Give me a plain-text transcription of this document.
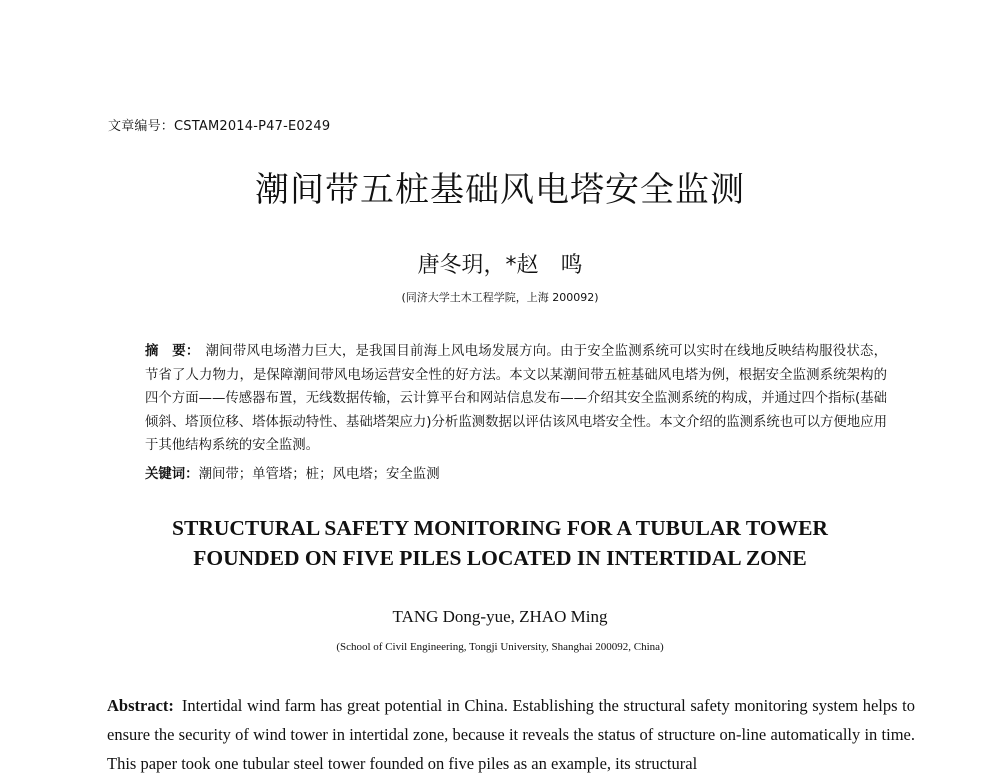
文章编号：CSTAM2014-P47-E0249
潮间带五桩基础风电塔安全监测
唐冬玥，*赵　鸣
(同济大学土木工程学院，上海 200092)
摘　要： 潮间带风电场潜力巨大，是我国目前海上风电场发展方向。由于安全监测系统可以实时在线地反映结构服役状态，节省了人力物力，是保障潮间带风电场运营安全性的好方法。本文以某潮间带五桩基础风电塔为例，根据安全监测系统架构的四个方面——传感器布置，无线数据传输，云计算平台和网站信息发布——介绍其安全监测系统的构成，并通过四个指标(基础倾斜、塔顶位移、塔体振动特性、基础塔架应力)分析监测数据以评估该风电塔安全性。本文介绍的监测系统也可以方便地应用于其他结构系统的安全监测。
关键词：潮间带；单管塔；桩；风电塔；安全监测
STRUCTURAL SAFETY MONITORING FOR A TUBULAR TOWER
FOUNDED ON FIVE PILES LOCATED IN INTERTIDAL ZONE
TANG Dong-yue, ZHAO Ming
(School of Civil Engineering, Tongji University, Shanghai 200092, China)
Abstract: Intertidal wind farm has great potential in China. Establishing the structural safety monitoring system helps to ensure the security of wind tower in intertidal zone, because it reveals the status of structure on-line automatically in time. This paper took one tubular steel tower founded on five piles as an example, its structural
